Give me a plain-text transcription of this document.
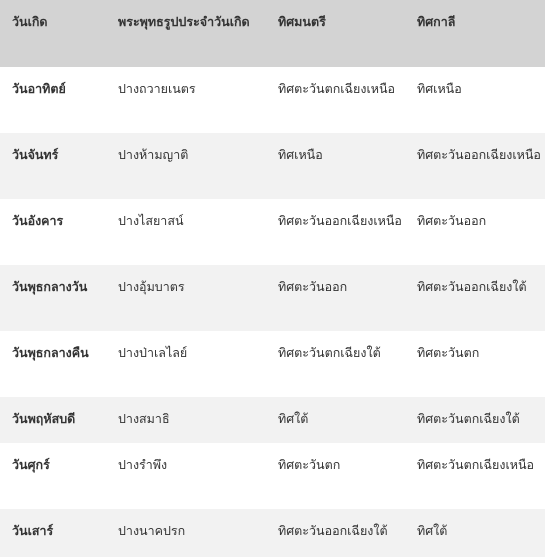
วันเกิด	พระพุทธรูปประจำวันเกิด	ทิศมนตรี	ทิศกาลี
วันอาทิตย์	ปางถวายเนตร	ทิศตะวันตกเฉียงเหนือ	ทิศเหนือ
วันจันทร์	ปางห้ามญาติ	ทิศเหนือ	ทิศตะวันออกเฉียงเหนือ
วันอังคาร	ปางไสยาสน์	ทิศตะวันออกเฉียงเหนือ	ทิศตะวันออก
วันพุธกลางวัน	ปางอุ้มบาตร	ทิศตะวันออก	ทิศตะวันออกเฉียงใต้
วันพุธกลางคืน	ปางป่าเลไลย์	ทิศตะวันตกเฉียงใต้	ทิศตะวันตก
วันพฤหัสบดี	ปางสมาธิ	ทิศใต้	ทิศตะวันตกเฉียงใต้
วันศุกร์	ปางรำพึง	ทิศตะวันตก	ทิศตะวันตกเฉียงเหนือ
วันเสาร์	ปางนาคปรก	ทิศตะวันออกเฉียงใต้	ทิศใต้
